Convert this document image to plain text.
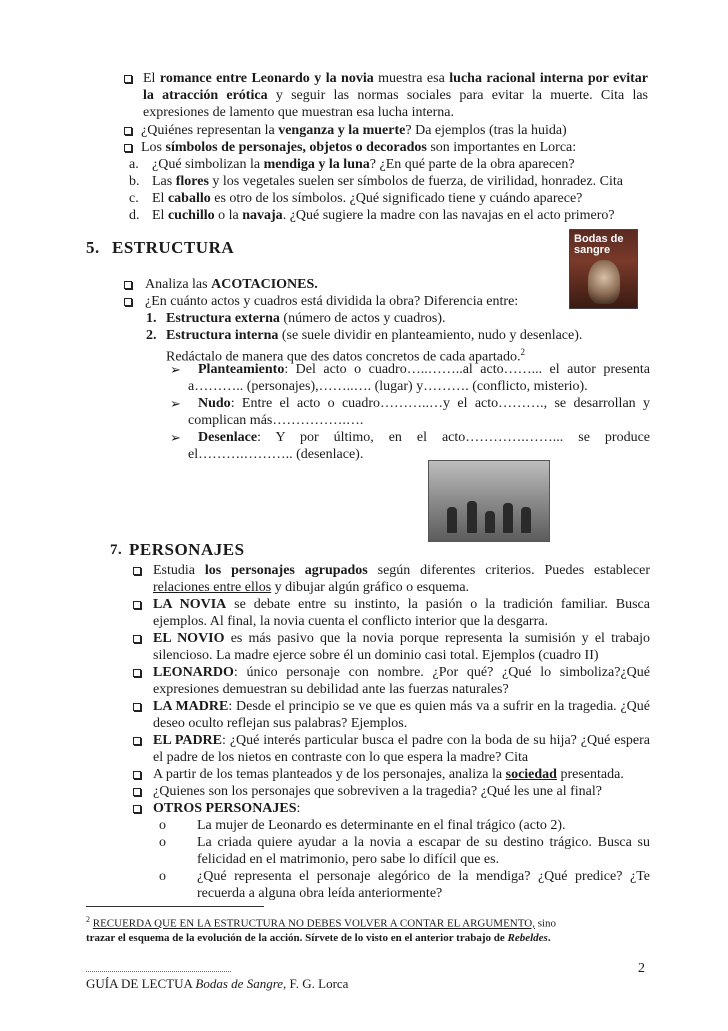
El romance entre Leonardo y la novia muestra esa lucha racional interna por evitar la atracción erótica y seguir las normas sociales para evitar la muerte. Cita las expresiones de lamento que muestran esa lucha interna.
¿Quiénes representan la venganza y la muerte? Da ejemplos (tras la huida)
Los símbolos de personajes, objetos o decorados son importantes en Lorca:
a. ¿Qué simbolizan la mendiga y la luna? ¿En qué parte de la obra aparecen?
b. Las flores y los vegetales suelen ser símbolos de fuerza, de virilidad, honradez. Cita
c. El caballo es otro de los símbolos. ¿Qué significado tiene y cuándo aparece?
d. El cuchillo o la navaja. ¿Qué sugiere la madre con las navajas en el acto primero?
5. ESTRUCTURA	Bodas de sangre
Analiza las ACOTACIONES.
¿En cuánto actos y cuadros está dividida la obra? Diferencia entre:
1. Estructura externa (número de actos y cuadros).
2. Estructura interna (se suele dividir en planteamiento, nudo y desenlace).
Redáctalo de manera que des datos concretos de cada apartado.$^2$
➢	Planteamiento: Del acto o cuadro…..……..al acto……... el autor presenta a……….. (personajes),……..…. (lugar) y………. (conflicto, misterio).
➢	Nudo: Entre el acto o cuadro………..…y el acto………., se desarrollan y complican más…………….….
➢	Desenlace: Y por último, en el acto………….……... se produce el……….……….. (desenlace).
7. PERSONAJES
Estudia los personajes agrupados según diferentes criterios. Puedes establecer relaciones entre ellos y dibujar algún gráfico o esquema.
LA NOVIA se debate entre su instinto, la pasión o la tradición familiar. Busca ejemplos. Al final, la novia cuenta el conflicto interior que la desgarra.
EL NOVIO es más pasivo que la novia porque representa la sumisión y el trabajo silencioso. La madre ejerce sobre él un dominio casi total. Ejemplos (cuadro II)
LEONARDO: único personaje con nombre. ¿Por qué? ¿Qué lo simboliza?¿Qué expresiones demuestran su debilidad ante las fuerzas naturales?
LA MADRE: Desde el principio se ve que es quien más va a sufrir en la tragedia. ¿Qué deseo oculto reflejan sus palabras? Ejemplos.
EL PADRE: ¿Qué interés particular busca el padre con la boda de su hija? ¿Qué espera el padre de los nietos en contraste con lo que espera la madre? Cita
A partir de los temas planteados y de los personajes, analiza la sociedad presentada.
¿Quienes son los personajes que sobreviven a la tragedia? ¿Qué les une al final?
OTROS PERSONAJES:
o La mujer de Leonardo es determinante en el final trágico (acto 2).
o La criada quiere ayudar a la novia a escapar de su destino trágico. Busca su felicidad en el matrimonio, pero sabe lo difícil que es.
o ¿Qué representa el personaje alegórico de la mendiga? ¿Qué predice? ¿Te recuerda a alguna obra leída anteriormente?
$^2$ RECUERDA QUE EN LA ESTRUCTURA NO DEBES VOLVER A CONTAR EL ARGUMENTO, sino
trazar el esquema de la evolución de la acción. Sírvete de lo visto en el anterior trabajo de Rebeldes.
2
GUÍA DE LECTUA Bodas de Sangre, F. G. Lorca
